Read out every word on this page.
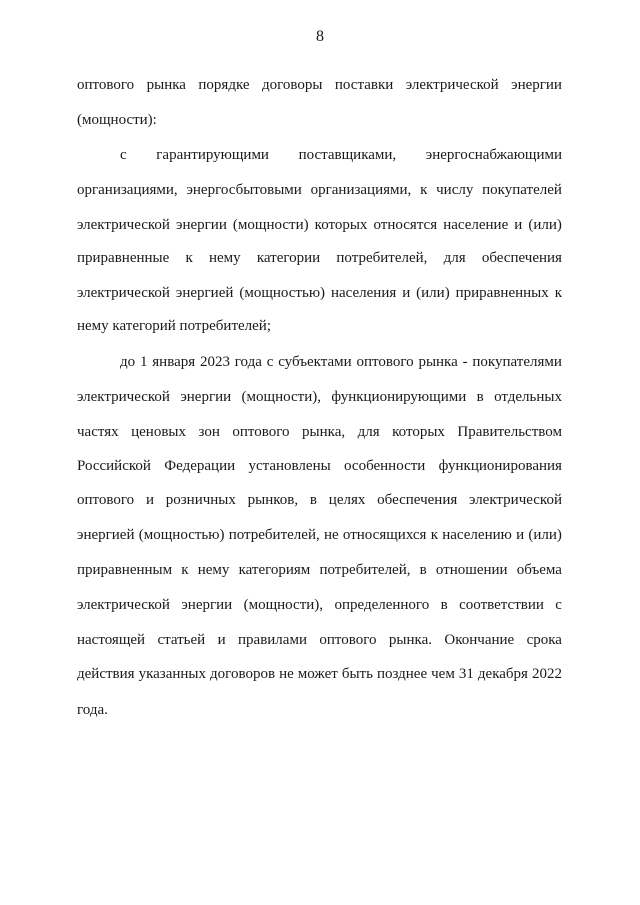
8
оптового рынка порядке договоры поставки электрической энергии
(мощности):
с гарантирующими поставщиками, энергоснабжающими
организациями, энергосбытовыми организациями, к числу покупателей
электрической энергии (мощности) которых относятся население и (или)
приравненные к нему категории потребителей, для обеспечения
электрической энергией (мощностью) населения и (или) приравненных к
нему категорий потребителей;
до 1 января 2023 года с субъектами оптового рынка - покупателями
электрической энергии (мощности), функционирующими в отдельных
частях ценовых зон оптового рынка, для которых Правительством
Российской Федерации установлены особенности функционирования
оптового и розничных рынков, в целях обеспечения электрической
энергией (мощностью) потребителей, не относящихся к населению и (или)
приравненным к нему категориям потребителей, в отношении объема
электрической энергии (мощности), определенного в соответствии с
настоящей статьей и правилами оптового рынка. Окончание срока
действия указанных договоров не может быть позднее чем 31 декабря 2022
года.
